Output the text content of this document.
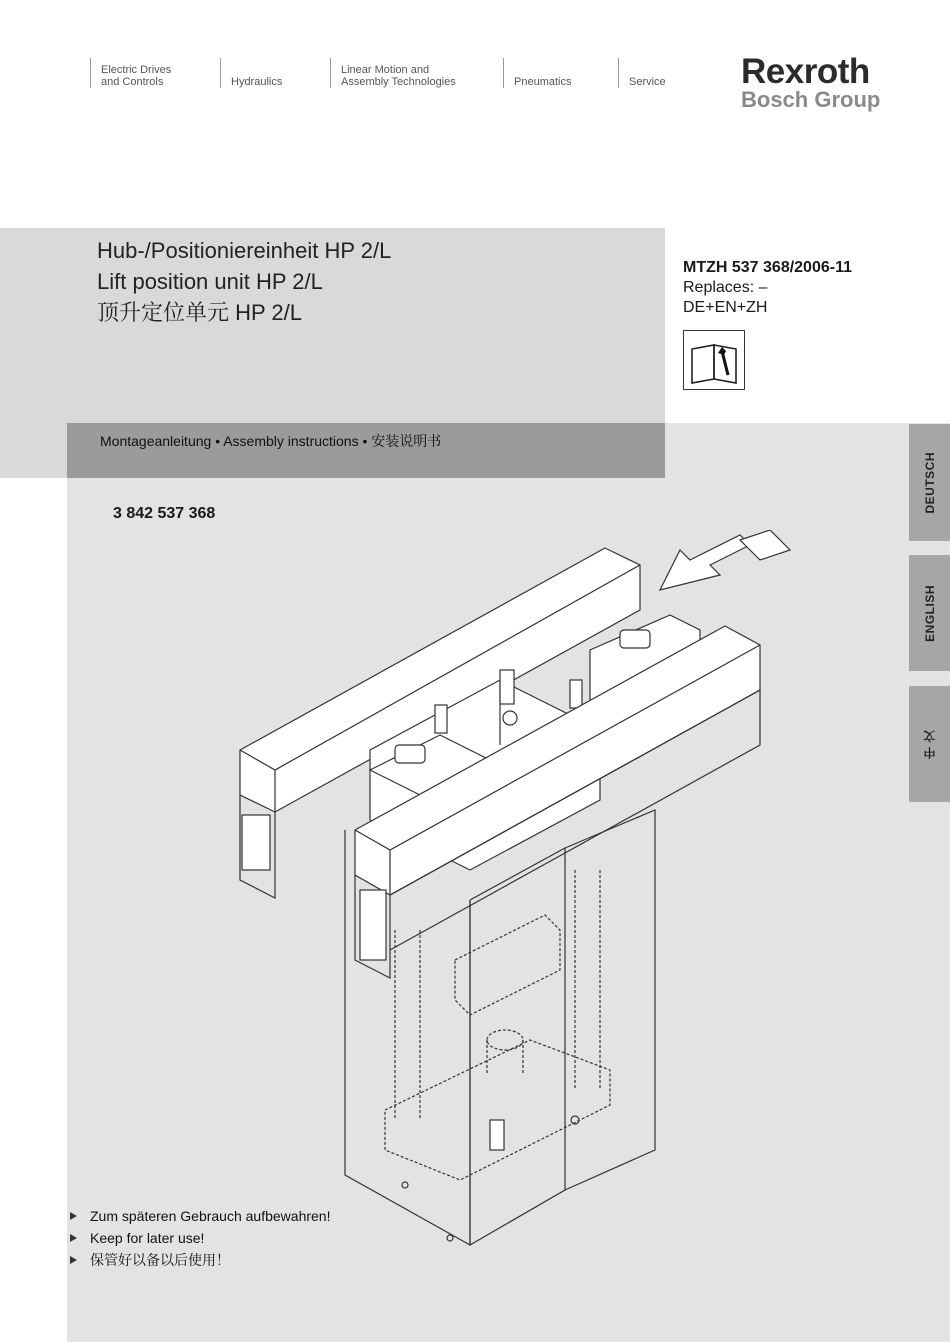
Electric Drives
and Controls	Hydraulics
Linear Motion and
Assembly Technologies	Pneumatics	Service Rexroth
Bosch Group
Hub-/Positioniereinheit HP 2/L
Lift position unit HP 2/L
顶升定位单元 HP 2/L
MTZH 537 368/2006-11
Replaces: –
DE+EN+ZH
Montageanleitung • Assembly instructions • 安装说明书
3 842 537 368
DEUTSCH
ENGLISH
中 文
Zum späteren Gebrauch aufbewahren!
Keep for later use!
保管好以备以后使用！
